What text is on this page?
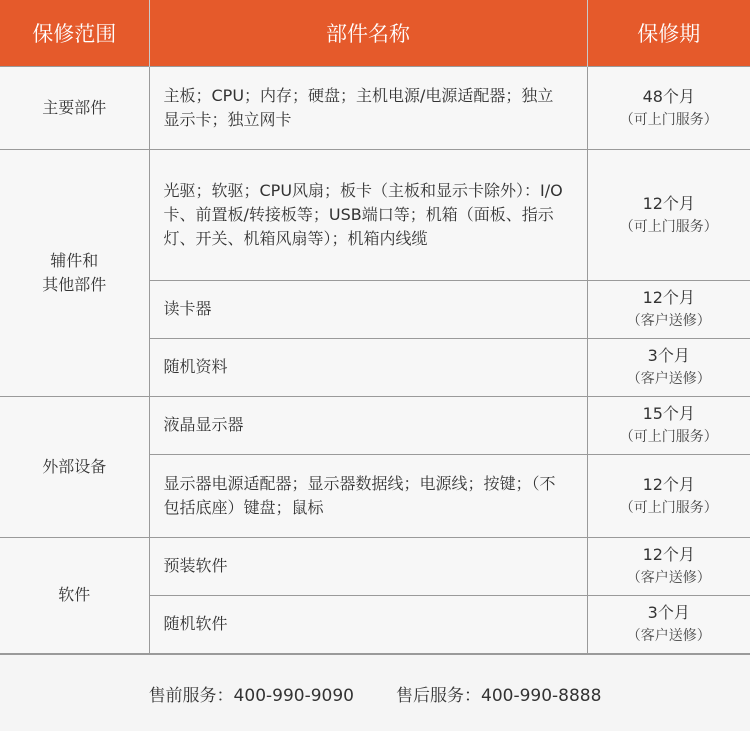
保修范围	部件名称	保修期
主要部件	主板；CPU；内存；硬盘；主机电源/电源适配器；独立显示卡；独立网卡	48个月
（可上门服务）

辅件和
其他部件	光驱；软驱；CPU风扇；板卡（主板和显示卡除外）：I/O卡、前置板/转接板等；USB端口等；机箱（面板、指示灯、开关、机箱风扇等）；机箱内线缆	12个月
（可上门服务）

	读卡器	12个月
（客户送修）

	随机资料	3个月
（客户送修）

外部设备	液晶显示器	15个月
（可上门服务）

	显示器电源适配器；显示器数据线；电源线；按键；（不包括底座）键盘；鼠标	12个月
（可上门服务）

软件	预装软件	12个月
（客户送修）

	随机软件	3个月
（客户送修）
售前服务：400-990-9090 售后服务：400-990-8888
